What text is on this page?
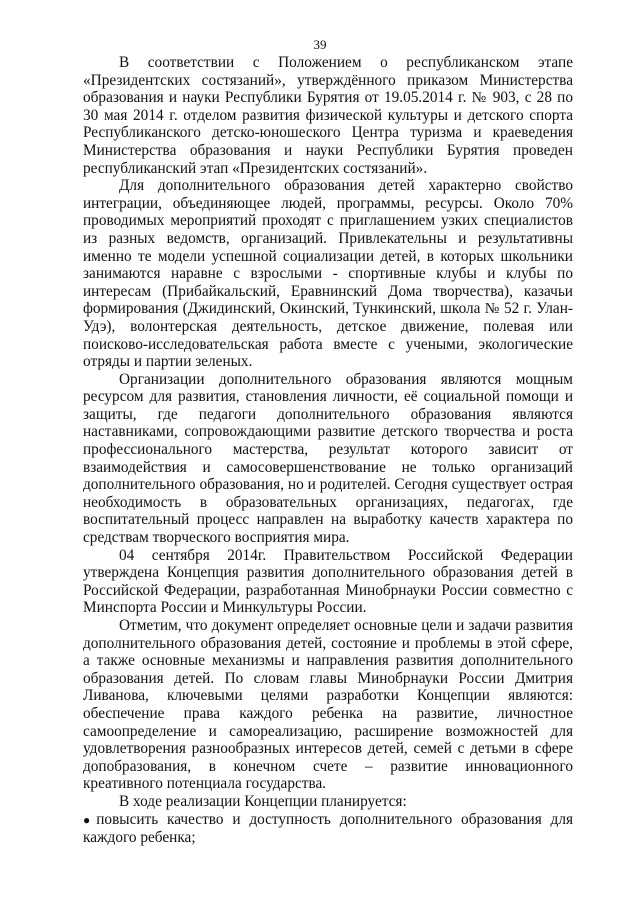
39

В соответствии с Положением о республиканском этапе «Президентских состязаний», утверждённого приказом Министерства образования и науки Республики Бурятия от 19.05.2014 г. № 903, с 28 по 30 мая 2014 г. отделом развития физической культуры и детского спорта Республиканского детско-юношеского Центра туризма и краеведения Министерства образования и науки Республики Бурятия проведен республиканский этап «Президентских состязаний».

Для дополнительного образования детей характерно свойство интеграции, объединяющее людей, программы, ресурсы. Около 70% проводимых мероприятий проходят с приглашением узких специалистов из разных ведомств, организаций. Привлекательны и результативны именно те модели успешной социализации детей, в которых школьники занимаются наравне с взрослыми - спортивные клубы и клубы по интересам (Прибайкальский, Еравнинский Дома творчества), казачьи формирования (Джидинский, Окинский, Тункинский, школа № 52 г. Улан-Удэ), волонтерская деятельность, детское движение, полевая или поисково-исследовательская работа вместе с учеными, экологические отряды и партии зеленых.

Организации дополнительного образования являются мощным ресурсом для развития, становления личности, её социальной помощи и защиты, где педагоги дополнительного образования являются наставниками, сопровождающими развитие детского творчества и роста профессионального мастерства, результат которого зависит от взаимодействия и самосовершенствование не только организаций дополнительного образования, но и родителей. Сегодня существует острая необходимость в образовательных организациях, педагогах, где воспитательный процесс направлен на выработку качеств характера по средствам творческого восприятия мира.

04 сентября 2014г. Правительством Российской Федерации утверждена Концепция развития дополнительного образования детей в Российской Федерации, разработанная Минобрнауки России совместно с Минспорта России и Минкультуры России.

Отметим, что документ определяет основные цели и задачи развития дополнительного образования детей, состояние и проблемы в этой сфере, а также основные механизмы и направления развития дополнительного образования детей. По словам главы Минобрнауки России Дмитрия Ливанова, ключевыми целями разработки Концепции являются: обеспечение права каждого ребенка на развитие, личностное самоопределение и самореализацию, расширение возможностей для удовлетворения разнообразных интересов детей, семей с детьми в сфере допобразования, в конечном счете – развитие инновационного креативного потенциала государства.

В ходе реализации Концепции планируется:

●повысить качество и доступность дополнительного образования для каждого ребенка;
